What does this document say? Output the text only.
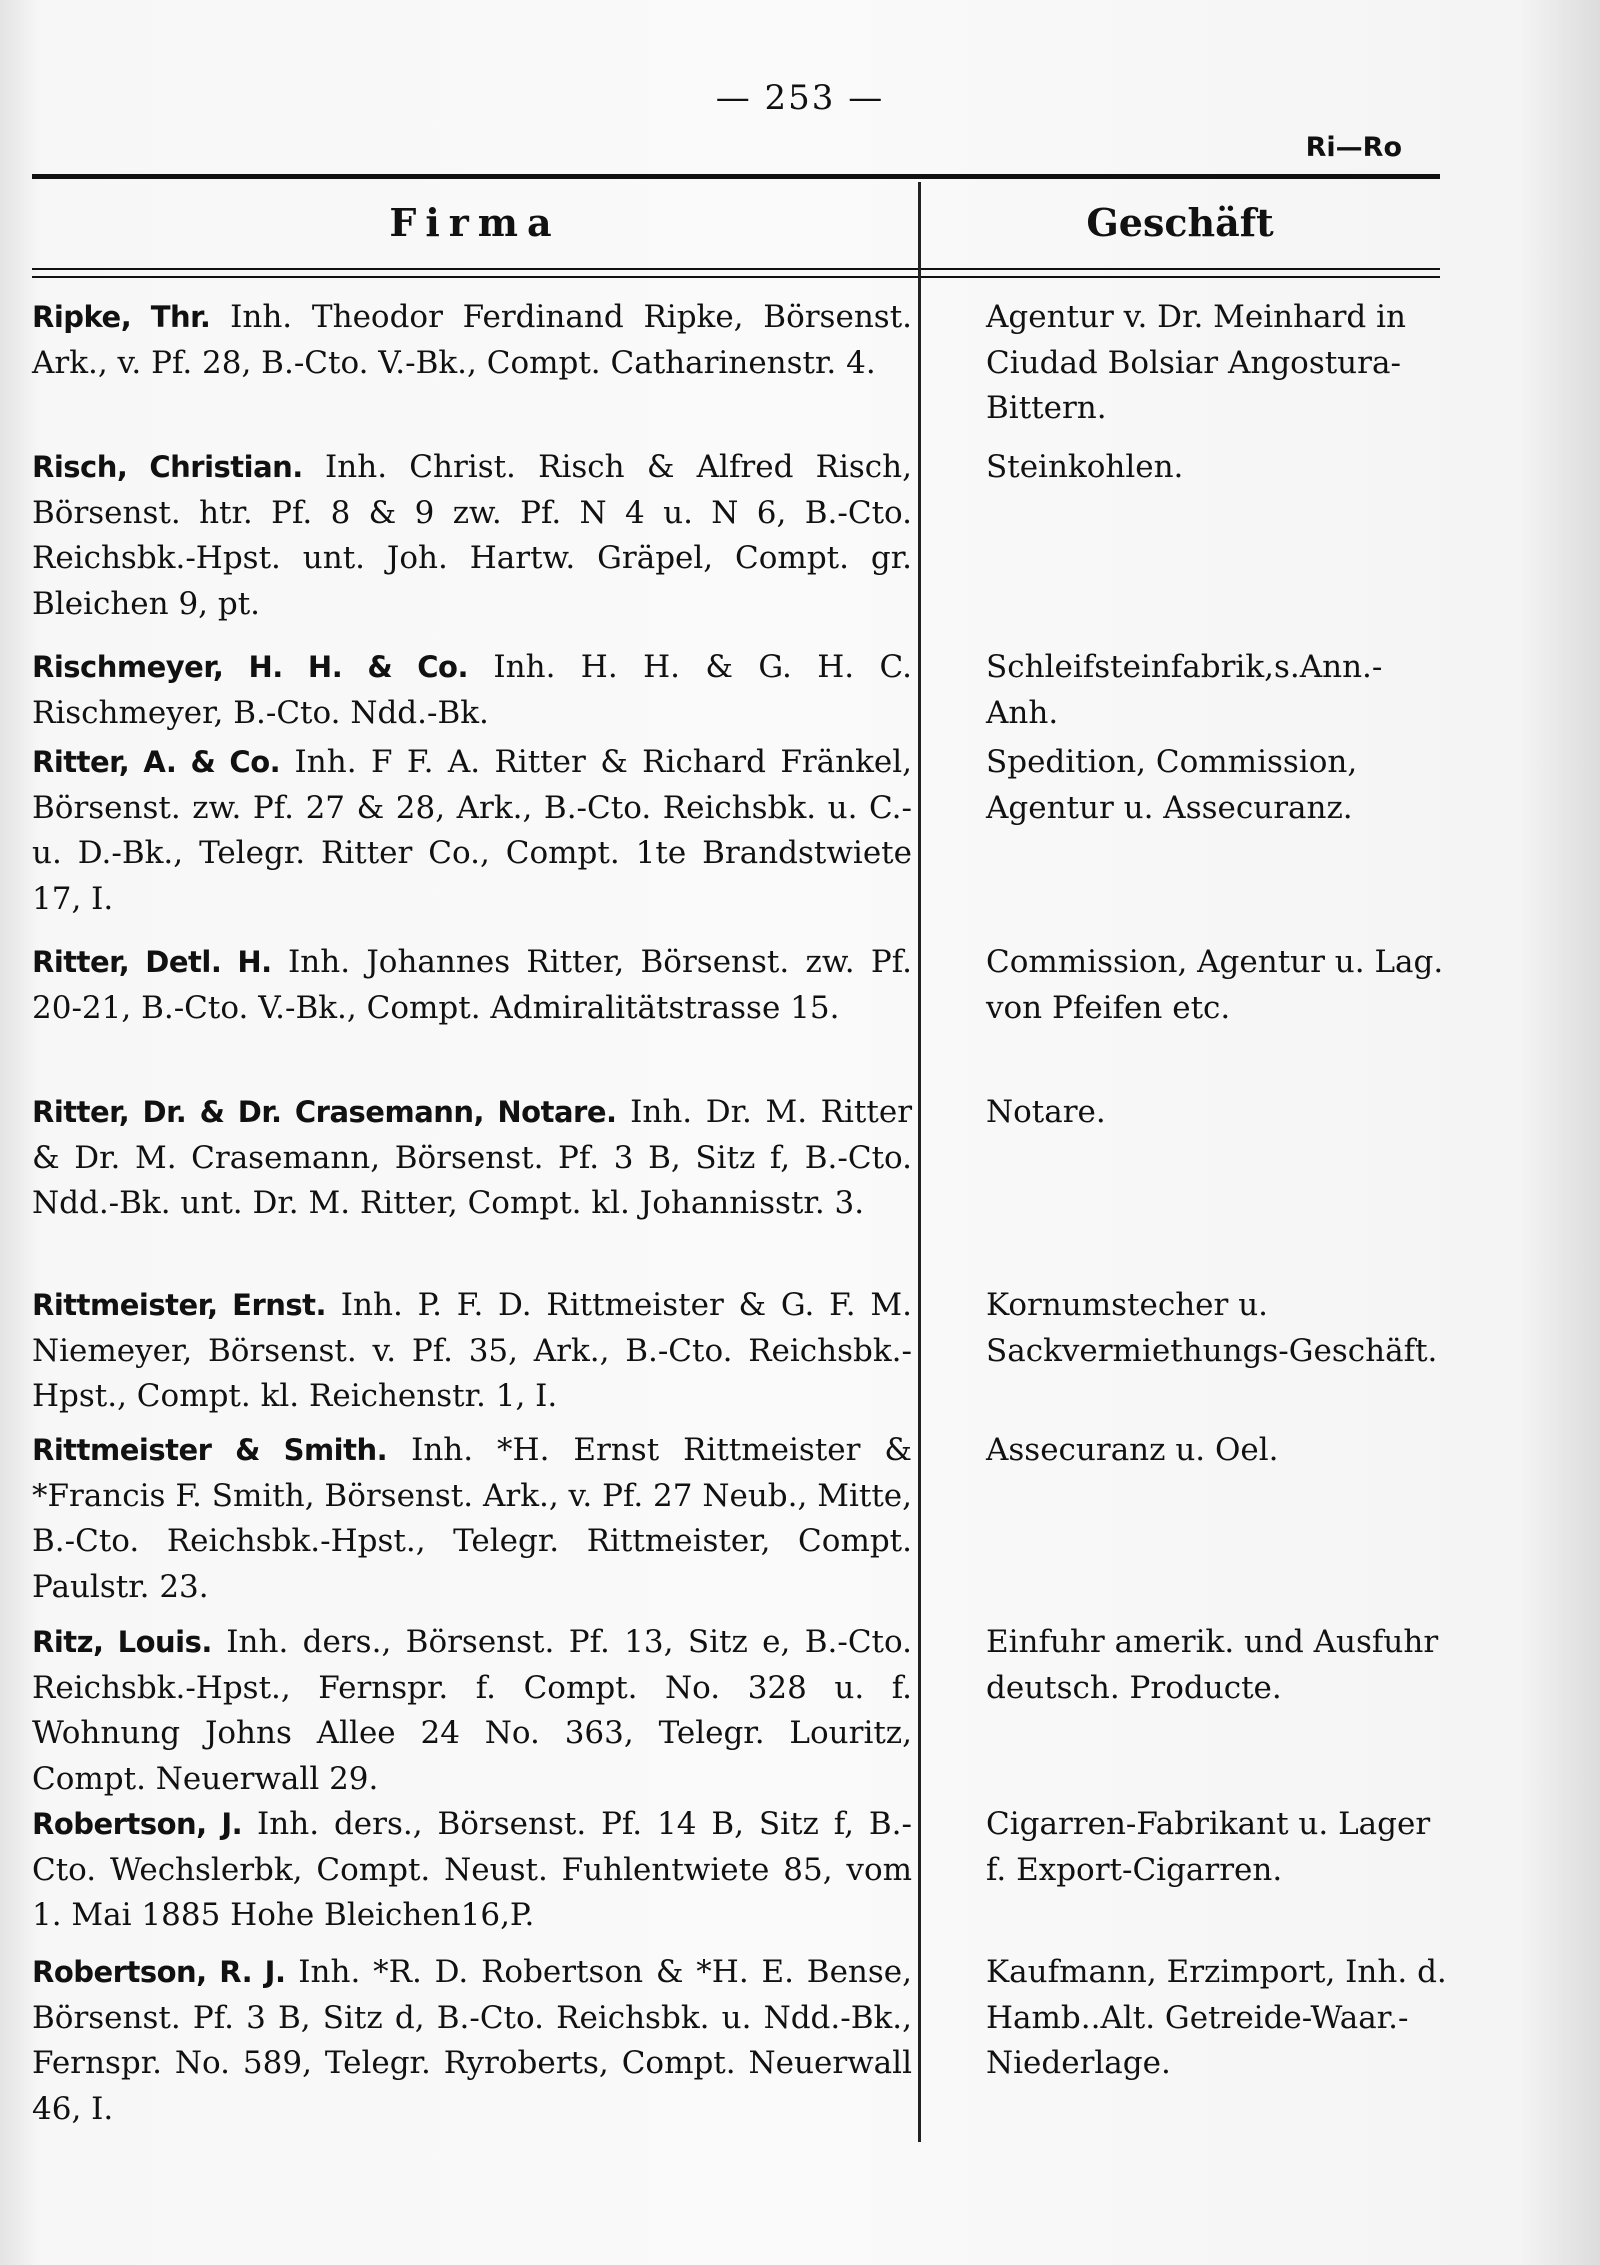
— 253 —
Ri—Ro
Firma	Geschäft

Ripke, Thr. Inh. Theodor Ferdinand Ripke, Börsenst. Ark., v. Pf. 28, B.-Cto. V.-Bk., Compt. Catharinenstr. 4.

Agentur v. Dr. Meinhard in Ciudad Bolsiar Angostura-Bittern.

Risch, Christian. Inh. Christ. Risch & Alfred Risch, Börsenst. htr. Pf. 8 & 9 zw. Pf. N 4 u. N 6, B.-Cto. Reichsbk.-Hpst. unt. Joh. Hartw. Gräpel, Compt. gr. Bleichen 9, pt.

Steinkohlen.

Rischmeyer, H. H. & Co. Inh. H. H. & G. H. C. Rischmeyer, B.-Cto. Ndd.-Bk.

Schleifsteinfabrik,s.Ann.-Anh.

Ritter, A. & Co. Inh. F F. A. Ritter & Richard Fränkel, Börsenst. zw. Pf. 27 & 28, Ark., B.-Cto. Reichsbk. u. C.- u. D.-Bk., Telegr. Ritter Co., Compt. 1te Brandstwiete 17, I.

Spedition, Commission, Agentur u. Assecuranz.

Ritter, Detl. H. Inh. Johannes Ritter, Börsenst. zw. Pf. 20-21, B.-Cto. V.-Bk., Compt. Admiralitätstrasse 15.

Commission, Agentur u. Lag. von Pfeifen etc.

Ritter, Dr. & Dr. Crasemann, Notare. Inh. Dr. M. Ritter & Dr. M. Crasemann, Börsenst. Pf. 3 B, Sitz f, B.-Cto. Ndd.-Bk. unt. Dr. M. Ritter, Compt. kl. Johannisstr. 3.

Notare.

Rittmeister, Ernst. Inh. P. F. D. Rittmeister & G. F. M. Niemeyer, Börsenst. v. Pf. 35, Ark., B.-Cto. Reichsbk.-Hpst., Compt. kl. Reichenstr. 1, I.

Kornumstecher u. Sackvermiethungs-Geschäft.

Rittmeister & Smith. Inh. *H. Ernst Rittmeister & *Francis F. Smith, Börsenst. Ark., v. Pf. 27 Neub., Mitte, B.-Cto. Reichsbk.-Hpst., Telegr. Rittmeister, Compt. Paulstr. 23.

Assecuranz u. Oel.

Ritz, Louis. Inh. ders., Börsenst. Pf. 13, Sitz e, B.-Cto. Reichsbk.-Hpst., Fernspr. f. Compt. No. 328 u. f. Wohnung Johns Allee 24 No. 363, Telegr. Louritz, Compt. Neuerwall 29.

Einfuhr amerik. und Ausfuhr deutsch. Producte.

Robertson, J. Inh. ders., Börsenst. Pf. 14 B, Sitz f, B.-Cto. Wechslerbk, Compt. Neust. Fuhlentwiete 85, vom 1. Mai 1885 Hohe Bleichen16,P.

Cigarren-Fabrikant u. Lager f. Export-Cigarren.

Robertson, R. J. Inh. *R. D. Robertson & *H. E. Bense, Börsenst. Pf. 3 B, Sitz d, B.-Cto. Reichsbk. u. Ndd.-Bk., Fernspr. No. 589, Telegr. Ryroberts, Compt. Neuerwall 46, I.

Kaufmann, Erzimport, Inh. d. Hamb..Alt. Getreide-Waar.-Niederlage.
